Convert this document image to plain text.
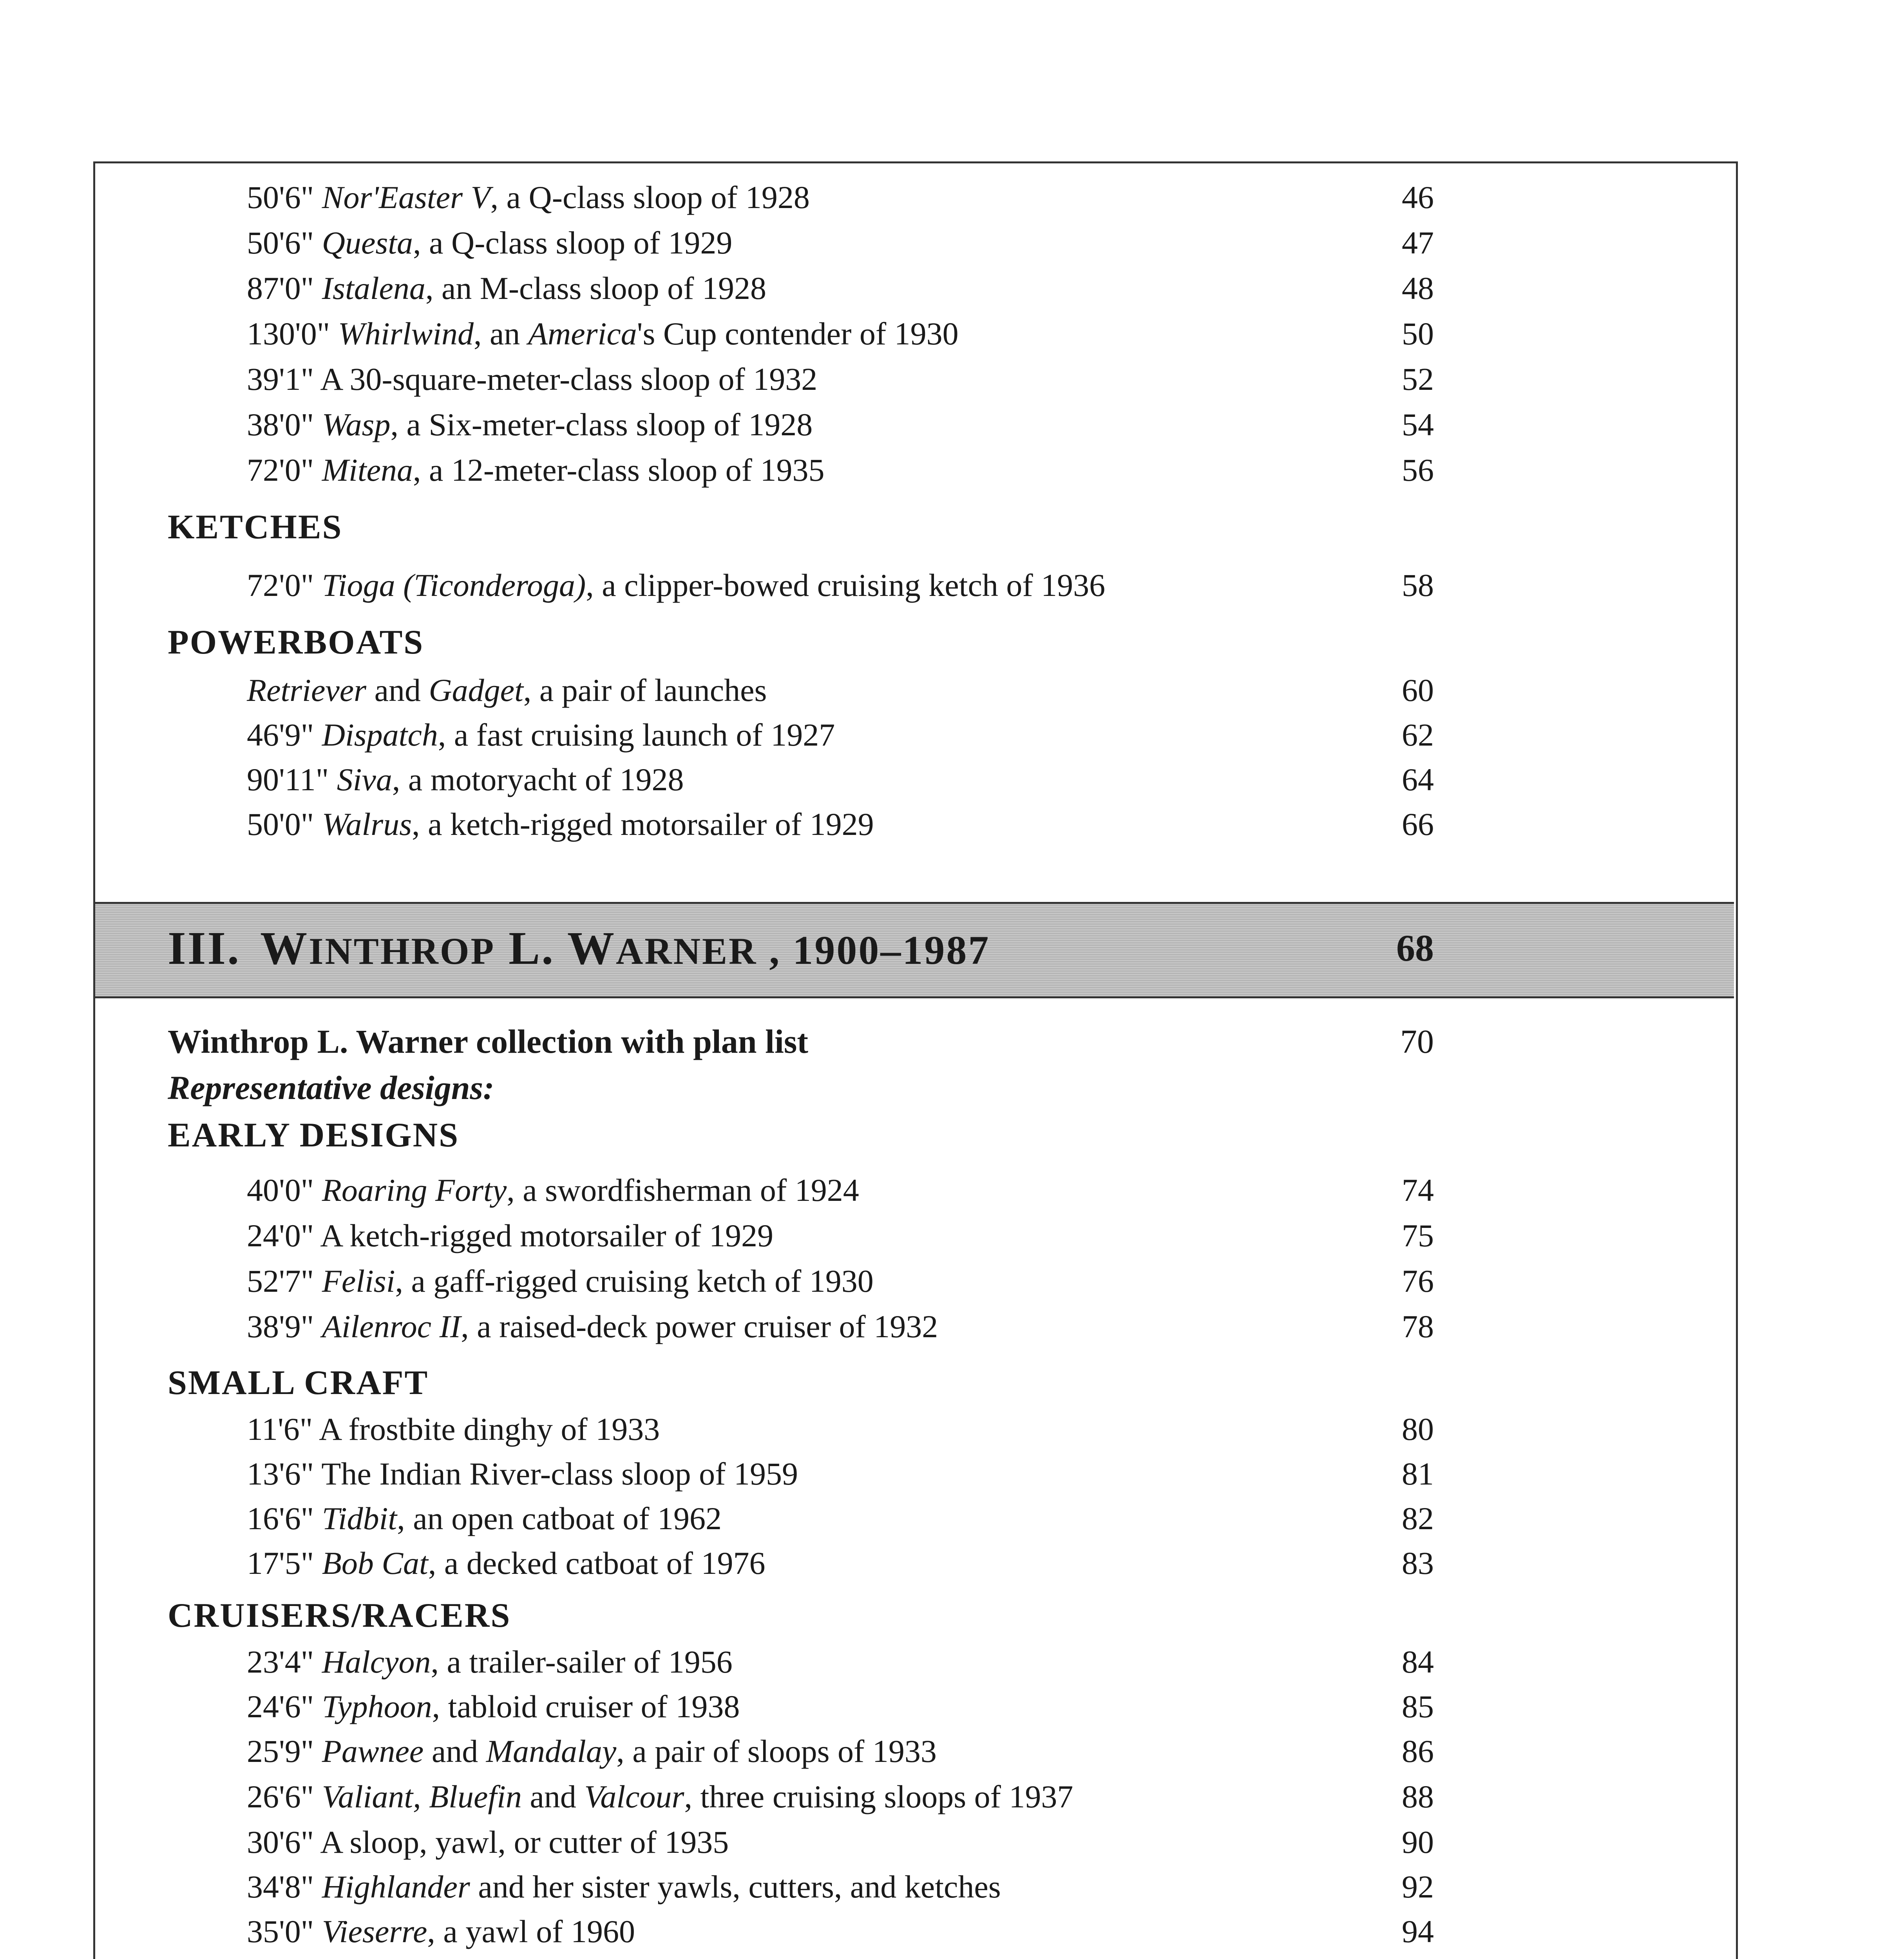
50'6" Nor'Easter V, a Q-class sloop of 1928	46
50'6" Questa, a Q-class sloop of 1929	47
87'0" Istalena, an M-class sloop of 1928	48
130'0" Whirlwind, an America's Cup contender of 1930	50
39'1" A 30-square-meter-class sloop of 1932	52
38'0" Wasp, a Six-meter-class sloop of 1928	54
72'0" Mitena, a 12-meter-class sloop of 1935	56
KETCHES
72'0" Tioga (Ticonderoga), a clipper-bowed cruising ketch of 1936	58
POWERBOATS
Retriever and Gadget, a pair of launches	60
46'9" Dispatch, a fast cruising launch of 1927	62
90'11" Siva, a motoryacht of 1928	64
50'0" Walrus, a ketch-rigged motorsailer of 1929	66
III. WINTHROP L. WARNER , 1900–1987	68
Winthrop L. Warner collection with plan list	70
Representative designs:
EARLY DESIGNS
40'0" Roaring Forty, a swordfisherman of 1924	74
24'0" A ketch-rigged motorsailer of 1929	75
52'7" Felisi, a gaff-rigged cruising ketch of 1930	76
38'9" Ailenroc II, a raised-deck power cruiser of 1932	78
SMALL CRAFT
11'6" A frostbite dinghy of 1933	80
13'6" The Indian River-class sloop of 1959	81
16'6" Tidbit, an open catboat of 1962	82
17'5" Bob Cat, a decked catboat of 1976	83
CRUISERS/RACERS
23'4" Halcyon, a trailer-sailer of 1956	84
24'6" Typhoon, tabloid cruiser of 1938	85
25'9" Pawnee and Mandalay, a pair of sloops of 1933	86
26'6" Valiant, Bluefin and Valcour, three cruising sloops of 1937	88
30'6" A sloop, yawl, or cutter of 1935	90
34'8" Highlander and her sister yawls, cutters, and ketches	92
35'0" Vieserre, a yawl of 1960	94
